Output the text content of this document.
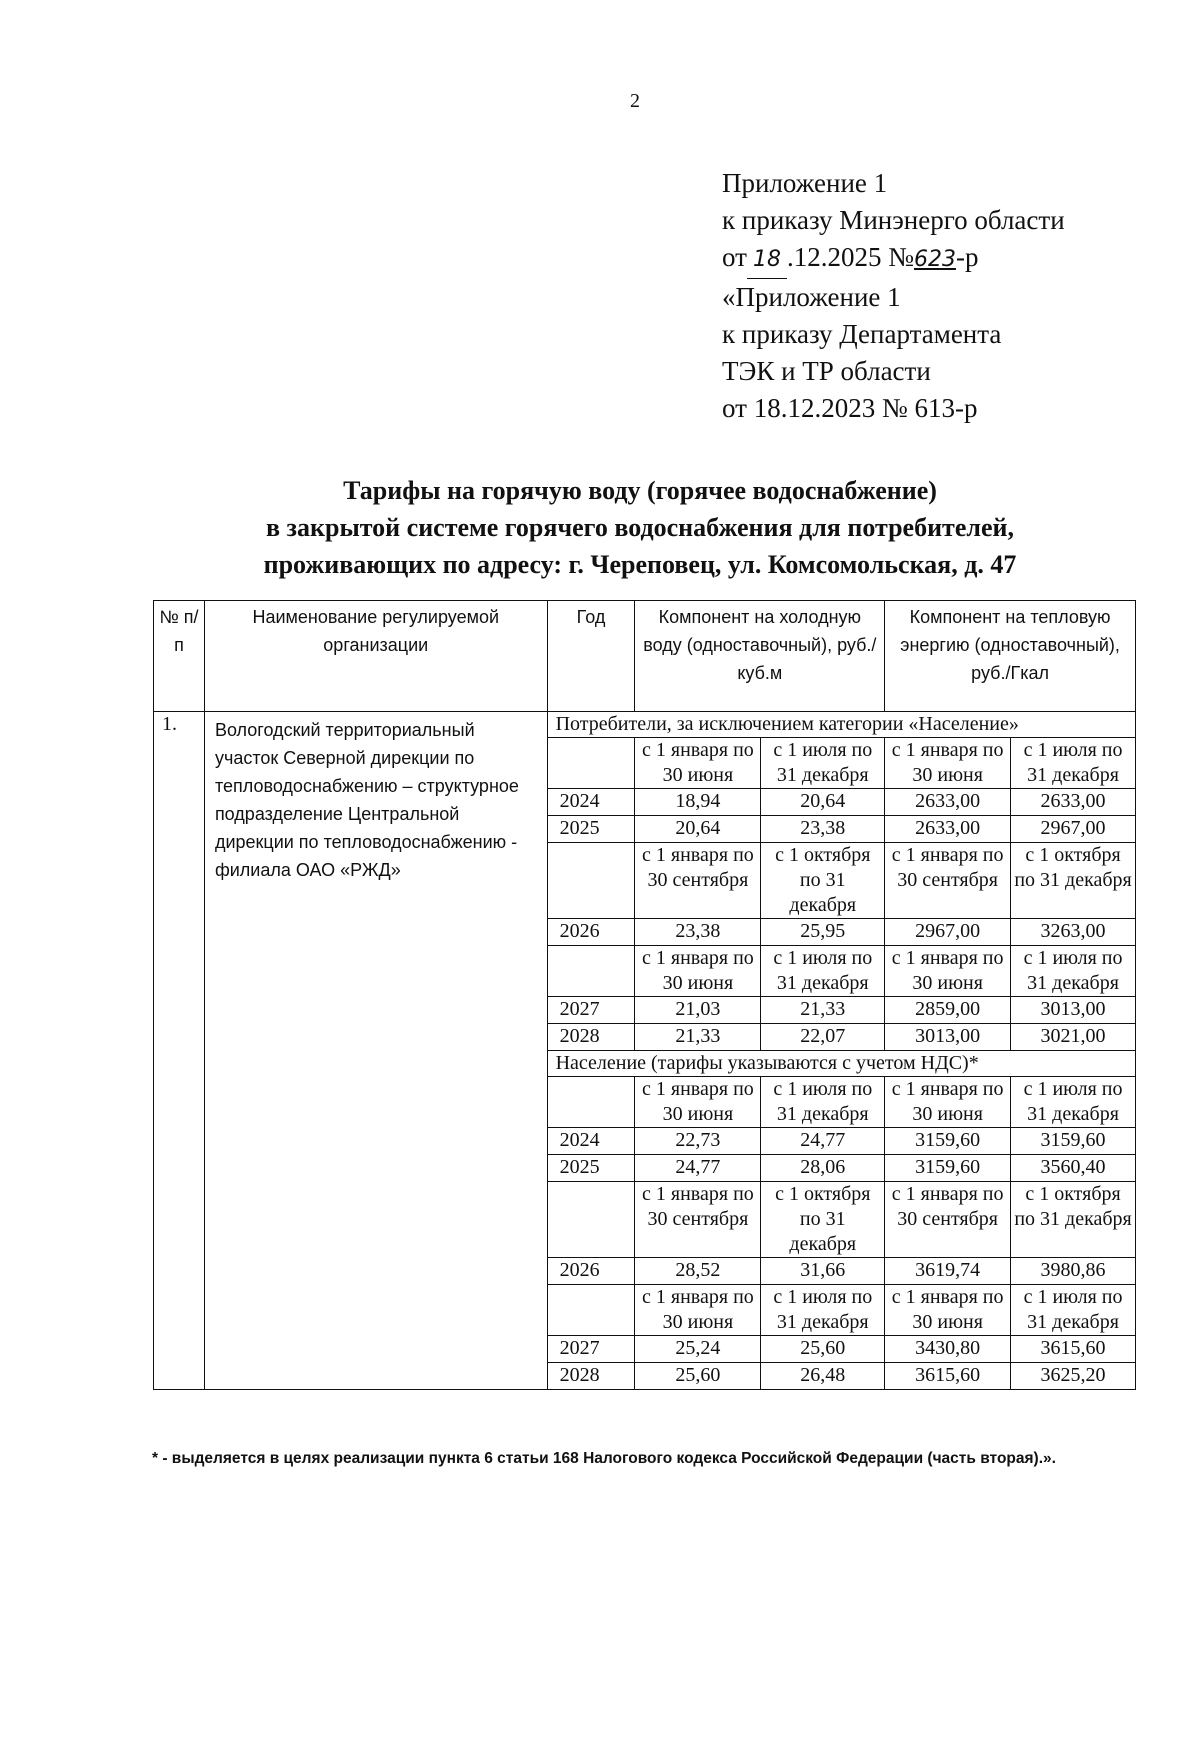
2
Приложение 1
к приказу Минэнерго области
от 18 .12.2025 №623-р
«Приложение 1
к приказу Департамента
ТЭК и ТР области
от 18.12.2023 № 613-р
Тарифы на горячую воду (горячее водоснабжение)
в закрытой системе горячего водоснабжения для потребителей,
проживающих по адресу: г. Череповец, ул. Комсомольская, д. 47
№ п/п	Наименование регулируемой организации	Год	Компонент на холодную воду (одноставочный), руб./куб.м		Компонент на тепловую энергию (одноставочный), руб./Гкал	
1.	Вологодский территориальный участок Северной дирекции по тепловодоснабжению – структурное подразделение Центральной дирекции по тепловодоснабжению - филиала ОАО «РЖД»	Потребители, за исключением категории «Население»				
			с 1 января по 30 июня	с 1 июля по 31 декабря	с 1 января по 30 июня	с 1 июля по 31 декабря
		2024	18,94	20,64	2633,00	2633,00
		2025	20,64	23,38	2633,00	2967,00
			с 1 января по 30 сентября	с 1 октября по 31 декабря	с 1 января по 30 сентября	с 1 октября по 31 декабря
		2026	23,38	25,95	2967,00	3263,00
			с 1 января по 30 июня	с 1 июля по 31 декабря	с 1 января по 30 июня	с 1 июля по 31 декабря
		2027	21,03	21,33	2859,00	3013,00
		2028	21,33	22,07	3013,00	3021,00
		Население (тарифы указываются с учетом НДС)*				
			с 1 января по 30 июня	с 1 июля по 31 декабря	с 1 января по 30 июня	с 1 июля по 31 декабря
		2024	22,73	24,77	3159,60	3159,60
		2025	24,77	28,06	3159,60	3560,40
			с 1 января по 30 сентября	с 1 октября по 31 декабря	с 1 января по 30 сентября	с 1 октября по 31 декабря
		2026	28,52	31,66	3619,74	3980,86
			с 1 января по 30 июня	с 1 июля по 31 декабря	с 1 января по 30 июня	с 1 июля по 31 декабря
		2027	25,24	25,60	3430,80	3615,60
		2028	25,60	26,48	3615,60	3625,20
* - выделяется в целях реализации пункта 6 статьи 168 Налогового кодекса Российской Федерации (часть вторая).».
